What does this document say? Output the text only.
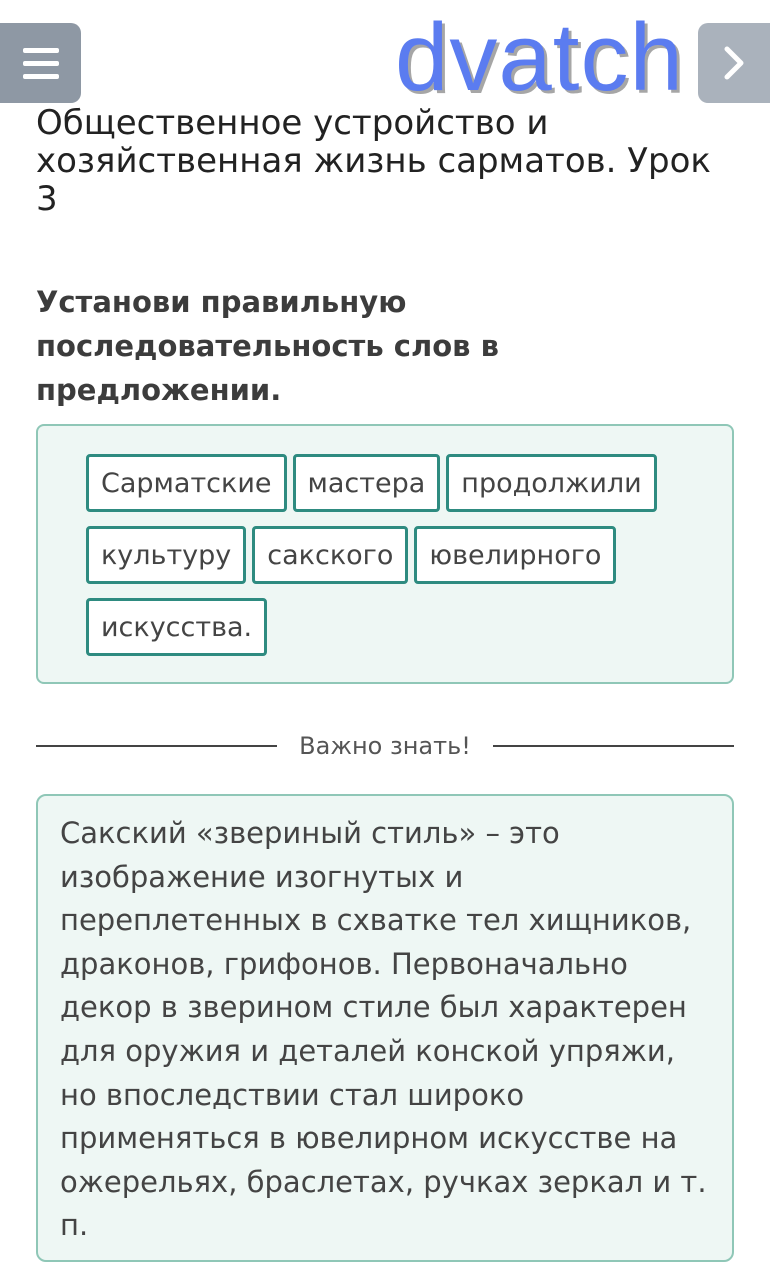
Общественное устройство и хозяйственная жизнь сарматов. Урок 3
dvatch
Установи правильную последовательность слов в предложении.
Сарматские	мастера	продолжили
культуру	сакского	ювелирного
искусства.
Важно знать!

Сакский «звериный стиль» – это изображение изогнутых и переплетенных в схватке тел хищников, драконов, грифонов. Первоначально декор в зверином стиле был характерен для оружия и деталей конской упряжи, но впоследствии стал широко применяться в ювелирном искусстве на ожерельях, браслетах, ручках зеркал и т. п.
